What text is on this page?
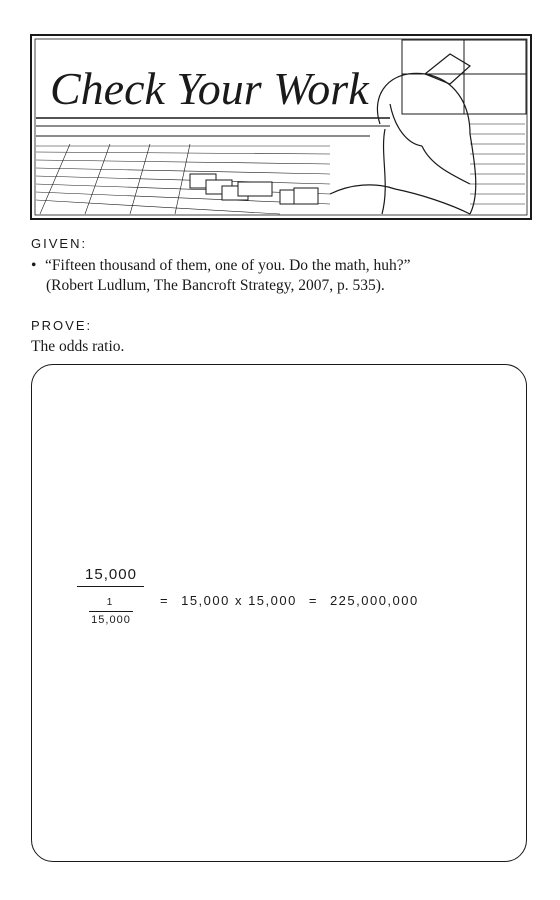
Check Your Work
GIVEN:
• “Fifteen thousand of them, one of you. Do the math, huh?”
(Robert Ludlum, The Bancroft Strategy, 2007, p. 535).
PROVE:
The odds ratio.
15,000
1
15,000
= 15,000 x 15,000 = 225,000,000
